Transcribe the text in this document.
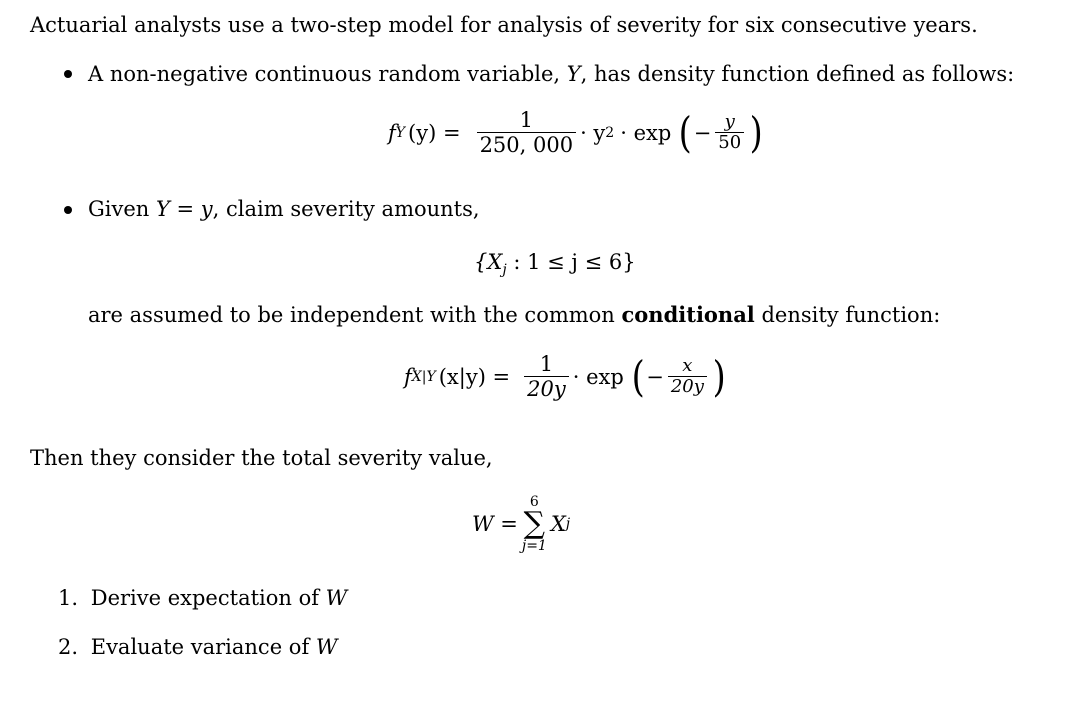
Actuarial analysts use a two-step model for analysis of severity for six consecutive years.
A non-negative continuous random variable, Y, has density function defined as follows:
f Y $(y) = \frac{1}{250, 000} \cdot y$ 2 · exp ( − $\frac{y}{50}$ )
Given Y = y, claim severity amounts,
{$X_j$ : 1 ≤ j ≤ 6}
are assumed to be independent with the common conditional density function:
f X|Y $(x|y) = \frac{1}{20y} \cdot \exp$ ( − $\frac{x}{20y}$ )
Then they consider the total severity value,
W =
6
∑
j=1
X j
1. Derive expectation of W
2. Evaluate variance of W
